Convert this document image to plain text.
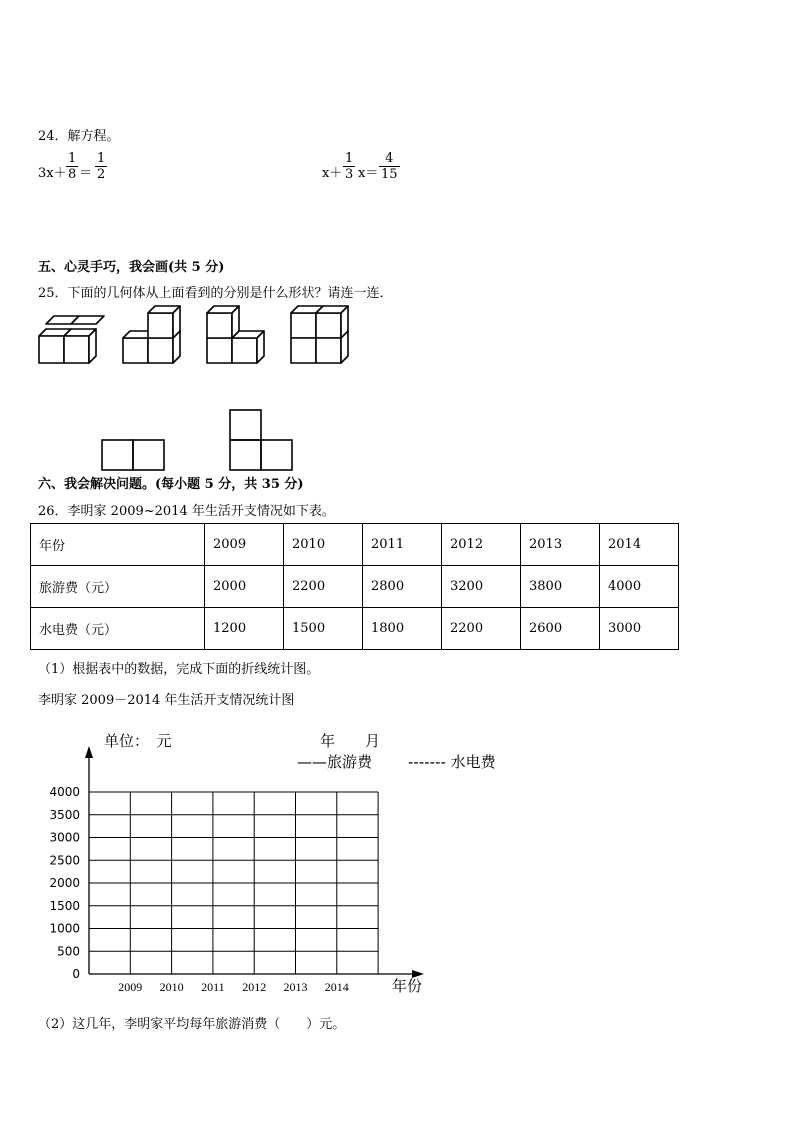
24．解方程。
$3x+ \frac{1}{8} = \frac{1}{2}$	$x+ \frac{1}{3} x= \frac{4}{15}$
五、心灵手巧，我会画(共 5 分)
25．下面的几何体从上面看到的分别是什么形状？请连一连．
六、我会解决问题。(每小题 5 分，共 35 分)
26．李明家 2009~2014 年生活开支情况如下表。
年份	2009	2010	2011	2012	2013	2014
旅游费（元）	2000	2200	2800	3200	3800	4000
水电费（元）	1200	1500	1800	2200	2600	3000
（1）根据表中的数据，完成下面的折线统计图。
李明家 2009－2014 年生活开支情况统计图
单位：　元	年　　月
——旅游费 ------- 水电费
4000
3500
3000
2500
2000
1500
1000
500
0
2009 2010 2011 2012 2013 2014	年份
（2）这几年，李明家平均每年旅游消费（　　）元。
